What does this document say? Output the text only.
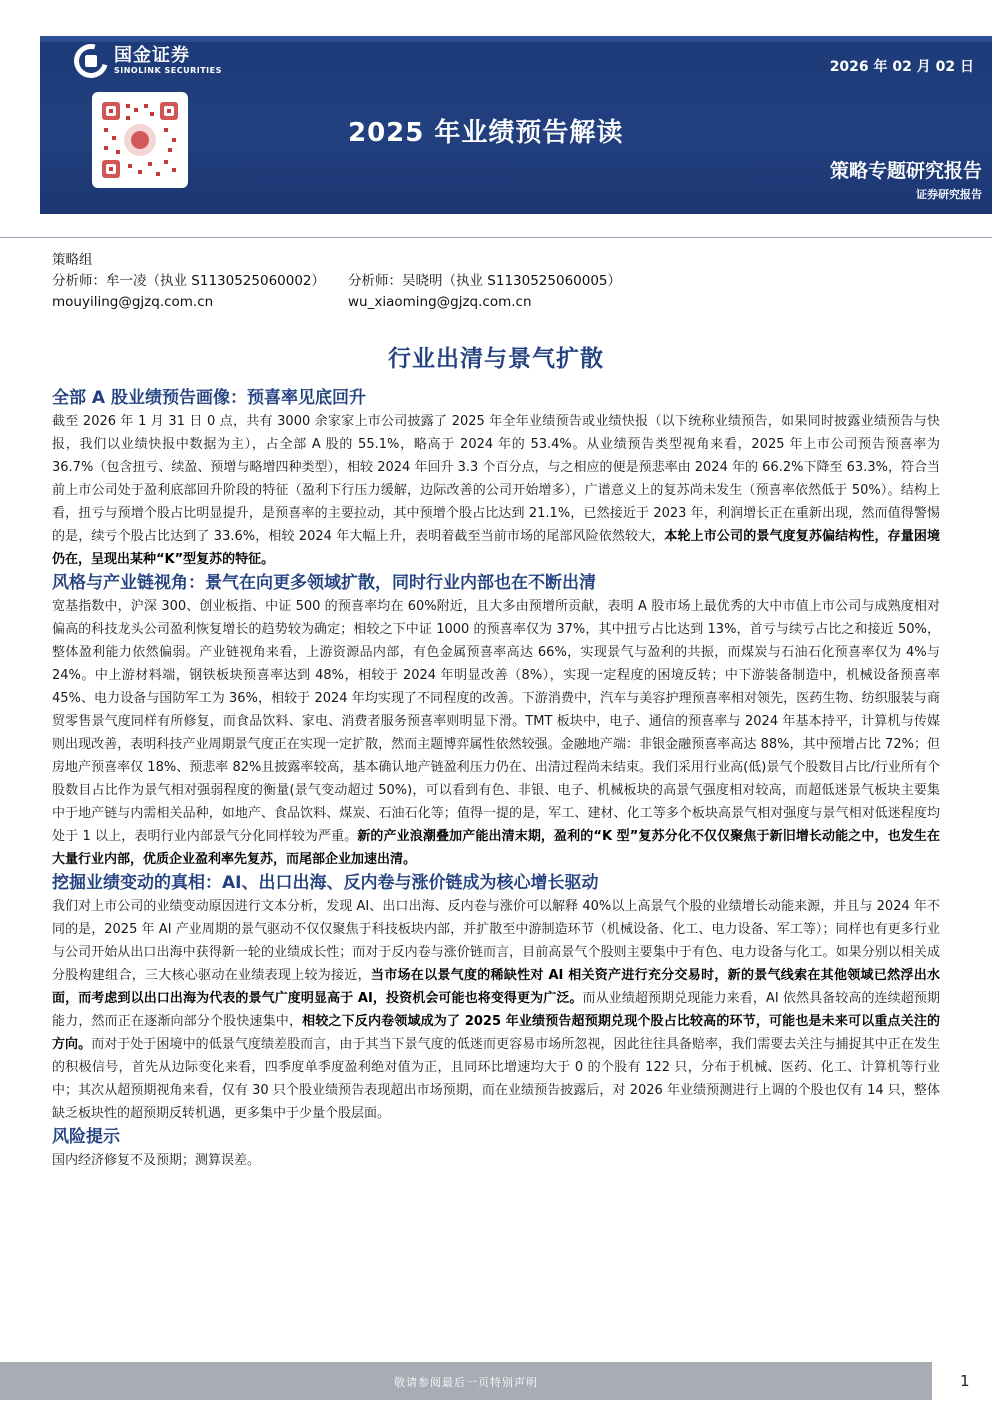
国金证券
SINOLINK SECURITIES	2026 年 02 月 02 日
2025 年业绩预告解读
策略专题研究报告
证券研究报告
策略组
分析师：牟一凌（执业 S1130525060002）	分析师：吴晓明（执业 S1130525060005）
mouyiling@gjzq.com.cn	wu_xiaoming@gjzq.com.cn
行业出清与景气扩散
全部 A 股业绩预告画像：预喜率见底回升

截至 2026 年 1 月 31 日 0 点，共有 3000 余家家上市公司披露了 2025 年全年业绩预告或业绩快报（以下统称业绩预告，如果同时披露业绩预告与快报，我们以业绩快报中数据为主），占全部 A 股的 55.1%，略高于 2024 年的 53.4%。从业绩预告类型视角来看，2025 年上市公司预告预喜率为 36.7%（包含扭亏、续盈、预增与略增四种类型），相较 2024 年回升 3.3 个百分点，与之相应的便是预悲率由 2024 年的 66.2%下降至 63.3%，符合当前上市公司处于盈利底部回升阶段的特征（盈利下行压力缓解，边际改善的公司开始增多），广谱意义上的复苏尚未发生（预喜率依然低于 50%）。结构上看，扭亏与预增个股占比明显提升，是预喜率的主要拉动，其中预增个股占比达到 21.1%，已然接近于 2023 年，利润增长正在重新出现，然而值得警惕的是，续亏个股占比达到了 33.6%，相较 2024 年大幅上升，表明着截至当前市场的尾部风险依然较大，本轮上市公司的景气度复苏偏结构性，存量困境仍在，呈现出某种“K”型复苏的特征。

风格与产业链视角：景气在向更多领域扩散，同时行业内部也在不断出清

宽基指数中，沪深 300、创业板指、中证 500 的预喜率均在 60%附近，且大多由预增所贡献，表明 A 股市场上最优秀的大中市值上市公司与成熟度相对偏高的科技龙头公司盈利恢复增长的趋势较为确定；相较之下中证 1000 的预喜率仅为 37%，其中扭亏占比达到 13%，首亏与续亏占比之和接近 50%，整体盈利能力依然偏弱。产业链视角来看，上游资源品内部，有色金属预喜率高达 66%，实现景气与盈利的共振，而煤炭与石油石化预喜率仅为 4%与 24%。中上游材料端，钢铁板块预喜率达到 48%，相较于 2024 年明显改善（8%），实现一定程度的困境反转；中下游装备制造中，机械设备预喜率 45%、电力设备与国防军工为 36%，相较于 2024 年均实现了不同程度的改善。下游消费中，汽车与美容护理预喜率相对领先，医药生物、纺织服装与商贸零售景气度同样有所修复，而食品饮料、家电、消费者服务预喜率则明显下滑。TMT 板块中，电子、通信的预喜率与 2024 年基本持平，计算机与传媒则出现改善，表明科技产业周期景气度正在实现一定扩散，然而主题博弈属性依然较强。金融地产端：非银金融预喜率高达 88%，其中预增占比 72%；但房地产预喜率仅 18%、预悲率 82%且披露率较高，基本确认地产链盈利压力仍在、出清过程尚未结束。我们采用行业高(低)景气个股数目占比/行业所有个股数目占比作为景气相对强弱程度的衡量(景气变动超过 50%)，可以看到有色、非银、电子、机械板块的高景气强度相对较高，而超低迷景气板块主要集中于地产链与内需相关品种，如地产、食品饮料、煤炭、石油石化等；值得一提的是，军工、建材、化工等多个板块高景气相对强度与景气相对低迷程度均处于 1 以上，表明行业内部景气分化同样较为严重。新的产业浪潮叠加产能出清末期，盈利的“K 型”复苏分化不仅仅聚焦于新旧增长动能之中，也发生在大量行业内部，优质企业盈利率先复苏，而尾部企业加速出清。

挖掘业绩变动的真相：AI、出口出海、反内卷与涨价链成为核心增长驱动

我们对上市公司的业绩变动原因进行文本分析，发现 AI、出口出海、反内卷与涨价可以解释 40%以上高景气个股的业绩增长动能来源，并且与 2024 年不同的是，2025 年 AI 产业周期的景气驱动不仅仅聚焦于科技板块内部，并扩散至中游制造环节（机械设备、化工、电力设备、军工等）；同样也有更多行业与公司开始从出口出海中获得新一轮的业绩成长性；而对于反内卷与涨价链而言，目前高景气个股则主要集中于有色、电力设备与化工。如果分别以相关成分股构建组合，三大核心驱动在业绩表现上较为接近，当市场在以景气度的稀缺性对 AI 相关资产进行充分交易时，新的景气线索在其他领域已然浮出水面，而考虑到以出口出海为代表的景气广度明显高于 AI，投资机会可能也将变得更为广泛。而从业绩超预期兑现能力来看，AI 依然具备较高的连续超预期能力，然而正在逐渐向部分个股快速集中，相较之下反内卷领域成为了 2025 年业绩预告超预期兑现个股占比较高的环节，可能也是未来可以重点关注的方向。而对于处于困境中的低景气度绩差股而言，由于其当下景气度的低迷而更容易市场所忽视，因此往往具备赔率，我们需要去关注与捕捉其中正在发生的积极信号，首先从边际变化来看，四季度单季度盈利绝对值为正，且同环比增速均大于 0 的个股有 122 只，分布于机械、医药、化工、计算机等行业中；其次从超预期视角来看，仅有 30 只个股业绩预告表现超出市场预期，而在业绩预告披露后，对 2026 年业绩预测进行上调的个股也仅有 14 只，整体缺乏板块性的超预期反转机遇，更多集中于少量个股层面。

风险提示

国内经济修复不及预期；测算误差。

敬请参阅最后一页特别声明	1
